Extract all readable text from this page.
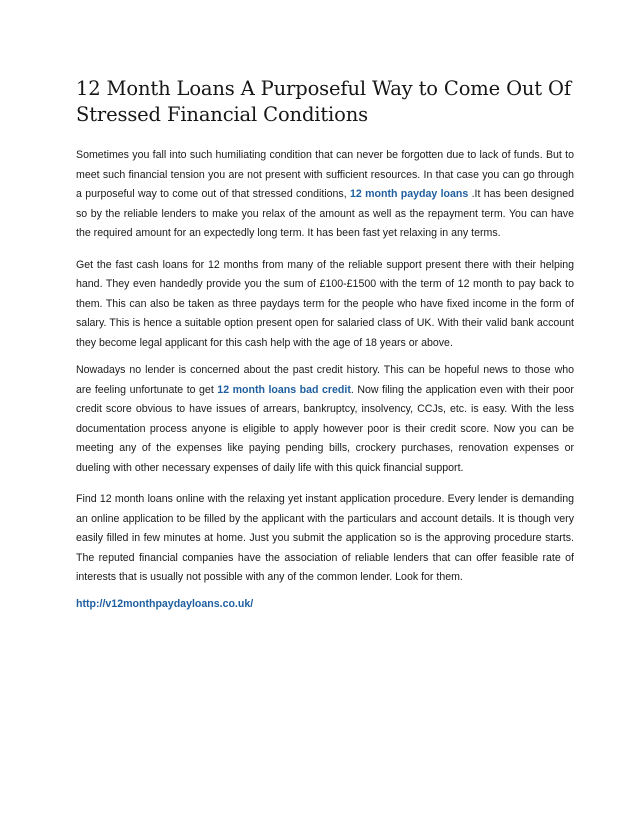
12 Month Loans A Purposeful Way to Come Out Of Stressed Financial Conditions

Sometimes you fall into such humiliating condition that can never be forgotten due to lack of funds. But to meet such financial tension you are not present with sufficient resources. In that case you can go through a purposeful way to come out of that stressed conditions, 12 month payday loans .It has been designed so by the reliable lenders to make you relax of the amount as well as the repayment term. You can have the required amount for an expectedly long term. It has been fast yet relaxing in any terms.

Get the fast cash loans for 12 months from many of the reliable support present there with their helping hand. They even handedly provide you the sum of £100-£1500 with the term of 12 month to pay back to them. This can also be taken as three paydays term for the people who have fixed income in the form of salary. This is hence a suitable option present open for salaried class of UK. With their valid bank account they become legal applicant for this cash help with the age of 18 years or above.

Nowadays no lender is concerned about the past credit history. This can be hopeful news to those who are feeling unfortunate to get 12 month loans bad credit. Now filing the application even with their poor credit score obvious to have issues of arrears, bankruptcy, insolvency, CCJs, etc. is easy. With the less documentation process anyone is eligible to apply however poor is their credit score. Now you can be meeting any of the expenses like paying pending bills, crockery purchases, renovation expenses or dueling with other necessary expenses of daily life with this quick financial support.

Find 12 month loans online with the relaxing yet instant application procedure. Every lender is demanding an online application to be filled by the applicant with the particulars and account details. It is though very easily filled in few minutes at home. Just you submit the application so is the approving procedure starts. The reputed financial companies have the association of reliable lenders that can offer feasible rate of interests that is usually not possible with any of the common lender. Look for them.

http://v12monthpaydayloans.co.uk/
